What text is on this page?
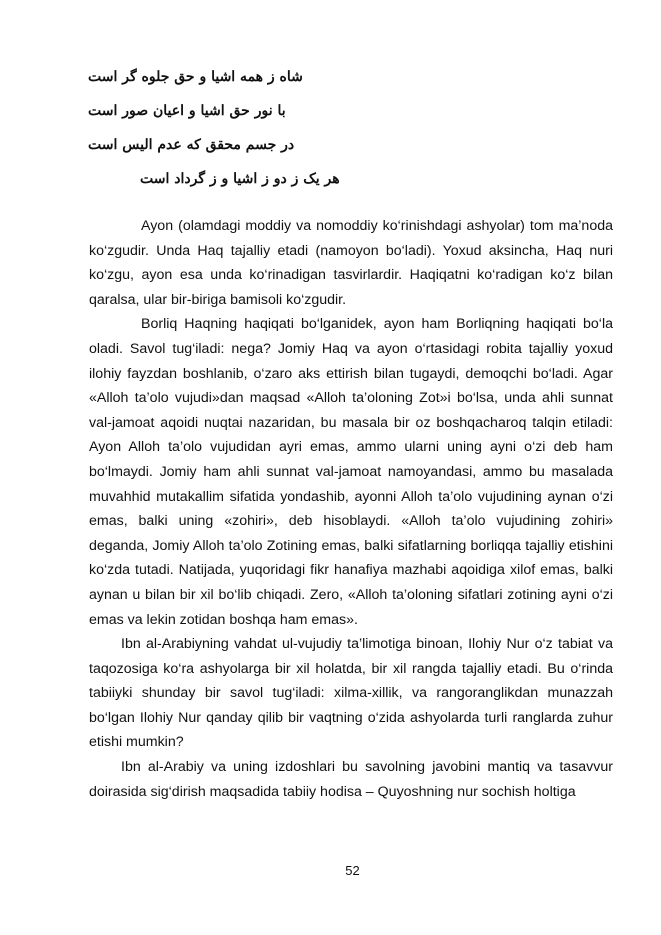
شاه ز همه اشیا و حق جلوه گر است
با نور حق اشیا و اعیان صور است
در جسم محقق که عدم الیس است
هر یک ز دو ز اشیا و ز گرداد است

Ayon (olamdagi moddiy va nomoddiy ko‘rinishdagi ashyolar) tom ma’noda ko‘zgudir. Unda Haq tajalliy etadi (namoyon bo‘ladi). Yoxud aksincha, Haq nuri ko‘zgu, ayon esa unda ko‘rinadigan tasvirlardir. Haqiqatni ko‘radigan ko‘z bilan qaralsa, ular bir-biriga bamisoli ko‘zgudir.

Borliq Haqning haqiqati bo‘lganidek, ayon ham Borliqning haqiqati bo‘la oladi. Savol tug‘iladi: nega? Jomiy Haq va ayon o‘rtasidagi robita tajalliy yoxud ilohiy fayzdan boshlanib, o‘zaro aks ettirish bilan tugaydi, demoqchi bo‘ladi. Agar «Alloh ta’olo vujudi»dan maqsad «Alloh ta’oloning Zot»i bo‘lsa, unda ahli sunnat val-jamoat aqoidi nuqtai nazaridan, bu masala bir oz boshqacharoq talqin etiladi: Ayon Alloh ta’olo vujudidan ayri emas, ammo ularni uning ayni o‘zi deb ham bo‘lmaydi. Jomiy ham ahli sunnat val-jamoat namoyandasi, ammo bu masalada muvahhid mutakallim sifatida yondashib, ayonni Alloh ta’olo vujudining aynan o‘zi emas, balki uning «zohiri», deb hisoblaydi. «Alloh ta’olo vujudining zohiri» deganda, Jomiy Alloh ta’olo Zotining emas, balki sifatlarning borliqqa tajalliy etishini ko‘zda tutadi. Natijada, yuqoridagi fikr hanafiya mazhabi aqoidiga xilof emas, balki aynan u bilan bir xil bo‘lib chiqadi. Zero, «Alloh ta’oloning sifatlari zotining ayni o‘zi emas va lekin zotidan boshqa ham emas».

Ibn al-Arabiyning vahdat ul-vujudiy ta’limotiga binoan, Ilohiy Nur o‘z tabiat va taqozosiga ko‘ra ashyolarga bir xil holatda, bir xil rangda tajalliy etadi. Bu o‘rinda tabiiyki shunday bir savol tug‘iladi: xilma-xillik, va rangoranglikdan munazzah bo‘lgan Ilohiy Nur qanday qilib bir vaqtning o‘zida ashyolarda turli ranglarda zuhur etishi mumkin?

Ibn al-Arabiy va uning izdoshlari bu savolning javobini mantiq va tasavvur doirasida sig‘dirish maqsadida tabiiy hodisa – Quyoshning nur sochish holtiga

52
